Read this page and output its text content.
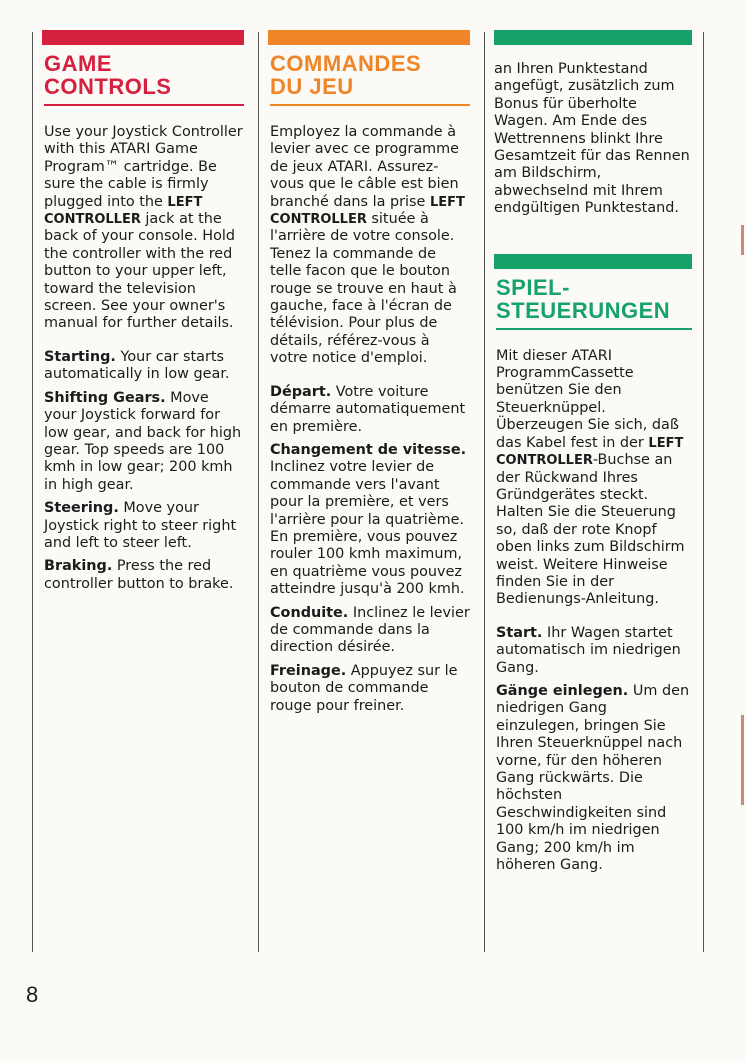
GAME
CONTROLS

Use your Joystick Controller with this ATARI Game Program™ cartridge. Be sure the cable is firmly plugged into the LEFT CONTROLLER jack at the back of your console. Hold the controller with the red button to your upper left, toward the television screen. See your owner's manual for further details.

Starting. Your car starts automatically in low gear.

Shifting Gears. Move your Joystick forward for low gear, and back for high gear. Top speeds are 100 kmh in low gear; 200 kmh in high gear.

Steering. Move your Joystick right to steer right and left to steer left.

Braking. Press the red controller button to brake.

COMMANDES
DU JEU

Employez la commande à levier avec ce programme de jeux ATARI. Assurez-vous que le câble est bien branché dans la prise LEFT CONTROLLER située à l'arrière de votre console. Tenez la commande de telle facon que le bouton rouge se trouve en haut à gauche, face à l'écran de télévision. Pour plus de détails, référez-vous à votre notice d'emploi.

Départ. Votre voiture démarre automatiquement en première.

Changement de vitesse. Inclinez votre levier de commande vers l'avant pour la première, et vers l'arrière pour la quatrième. En première, vous pouvez rouler 100 kmh maximum, en quatrième vous pouvez atteindre jusqu'à 200 kmh.

Conduite. Inclinez le levier de commande dans la direction désirée.

Freinage. Appuyez sur le bouton de commande rouge pour freiner.

an Ihren Punktestand angefügt, zusätzlich zum Bonus für überholte Wagen. Am Ende des Wettrennens blinkt Ihre Gesamtzeit für das Rennen am Bildschirm, abwechselnd mit Ihrem endgültigen Punktestand.
SPIEL-
STEUERUNGEN

Mit dieser ATARI ProgrammCassette benützen Sie den Steuerknüppel. Überzeugen Sie sich, daß das Kabel fest in der LEFT CONTROLLER-Buchse an der Rückwand Ihres Gründgerätes steckt. Halten Sie die Steuerung so, daß der rote Knopf oben links zum Bildschirm weist. Weitere Hinweise finden Sie in der Bedienungs-Anleitung.

Start. Ihr Wagen startet automatisch im niedrigen Gang.

Gänge einlegen. Um den niedrigen Gang einzulegen, bringen Sie Ihren Steuerknüppel nach vorne, für den höheren Gang rückwärts. Die höchsten Geschwindigkeiten sind 100 km/h im niedrigen Gang; 200 km/h im höheren Gang.

8
